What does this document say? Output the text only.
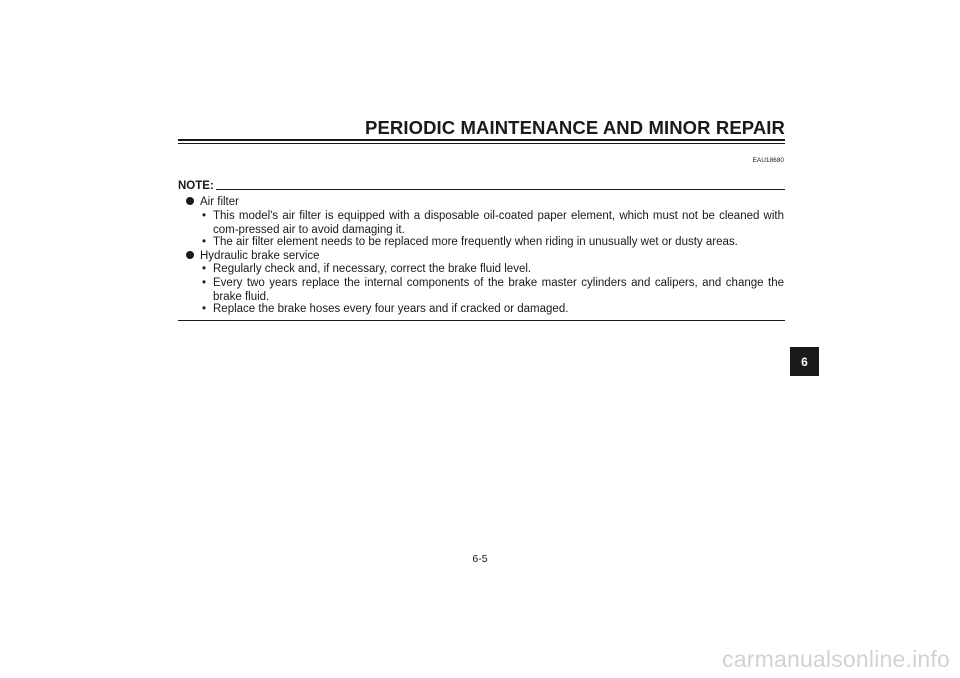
PERIODIC MAINTENANCE AND MINOR REPAIR
EAU18680
NOTE:
Air filter
• This model's air filter is equipped with a disposable oil-coated paper element, which must not be cleaned with com-pressed air to avoid damaging it.
• The air filter element needs to be replaced more frequently when riding in unusually wet or dusty areas.
Hydraulic brake service
• Regularly check and, if necessary, correct the brake fluid level.
• Every two years replace the internal components of the brake master cylinders and calipers, and change the brake fluid.
• Replace the brake hoses every four years and if cracked or damaged.
6
6-5
carmanualsonline.info
